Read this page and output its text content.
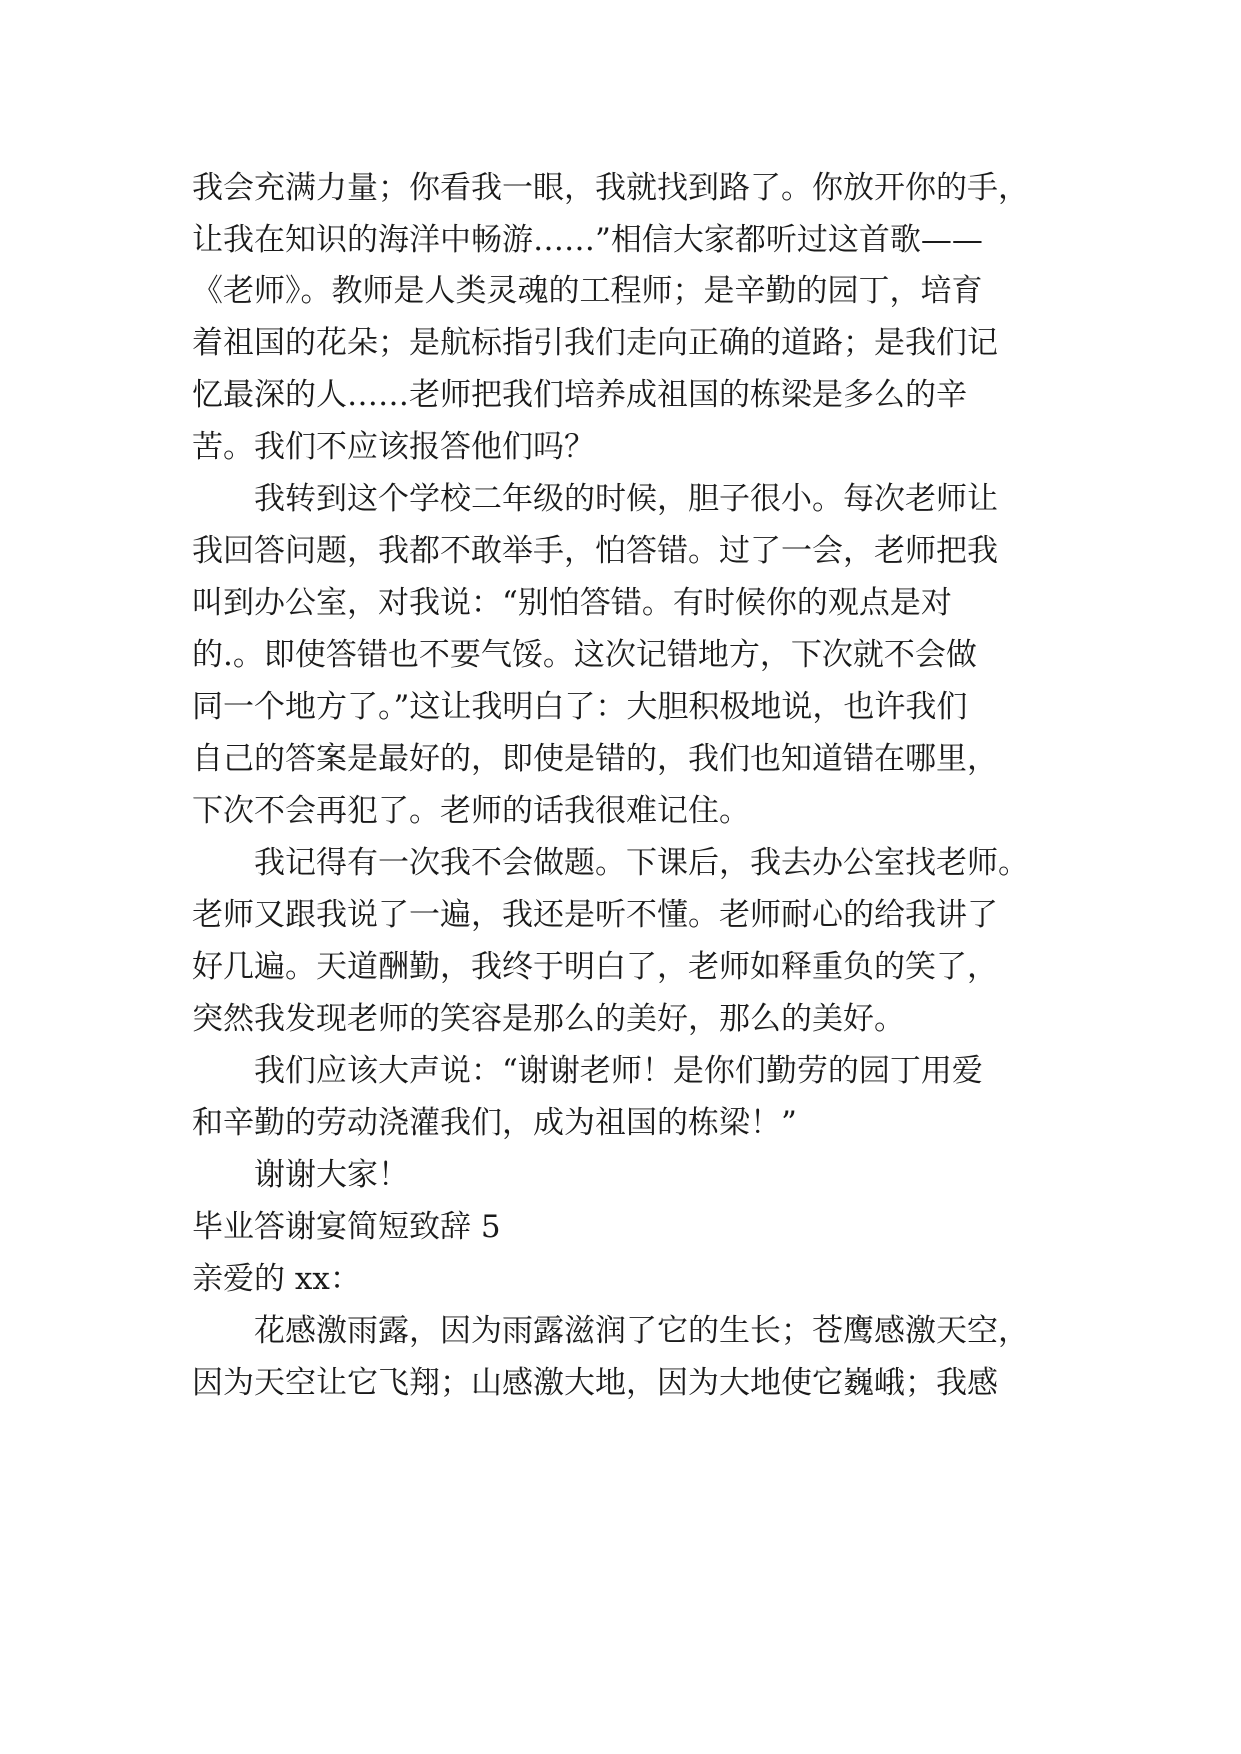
我会充满力量；你看我一眼，我就找到路了。你放开你的手，
让我在知识的海洋中畅游……”相信大家都听过这首歌——
《老师》。教师是人类灵魂的工程师；是辛勤的园丁，培育
着祖国的花朵；是航标指引我们走向正确的道路；是我们记
忆最深的人……老师把我们培养成祖国的栋梁是多么的辛
苦。我们不应该报答他们吗？
我转到这个学校二年级的时候，胆子很小。每次老师让
我回答问题，我都不敢举手，怕答错。过了一会，老师把我
叫到办公室，对我说：“别怕答错。有时候你的观点是对
的.。即使答错也不要气馁。这次记错地方，下次就不会做
同一个地方了。”这让我明白了：大胆积极地说，也许我们
自己的答案是最好的，即使是错的，我们也知道错在哪里，
下次不会再犯了。老师的话我很难记住。
我记得有一次我不会做题。下课后，我去办公室找老师。
老师又跟我说了一遍，我还是听不懂。老师耐心的给我讲了
好几遍。天道酬勤，我终于明白了，老师如释重负的笑了，
突然我发现老师的笑容是那么的美好，那么的美好。
我们应该大声说：“谢谢老师！是你们勤劳的园丁用爱
和辛勤的劳动浇灌我们，成为祖国的栋梁！”
谢谢大家！
毕业答谢宴简短致辞 5
亲爱的 xx：
花感激雨露，因为雨露滋润了它的生长；苍鹰感激天空，
因为天空让它飞翔；山感激大地，因为大地使它巍峨；我感
